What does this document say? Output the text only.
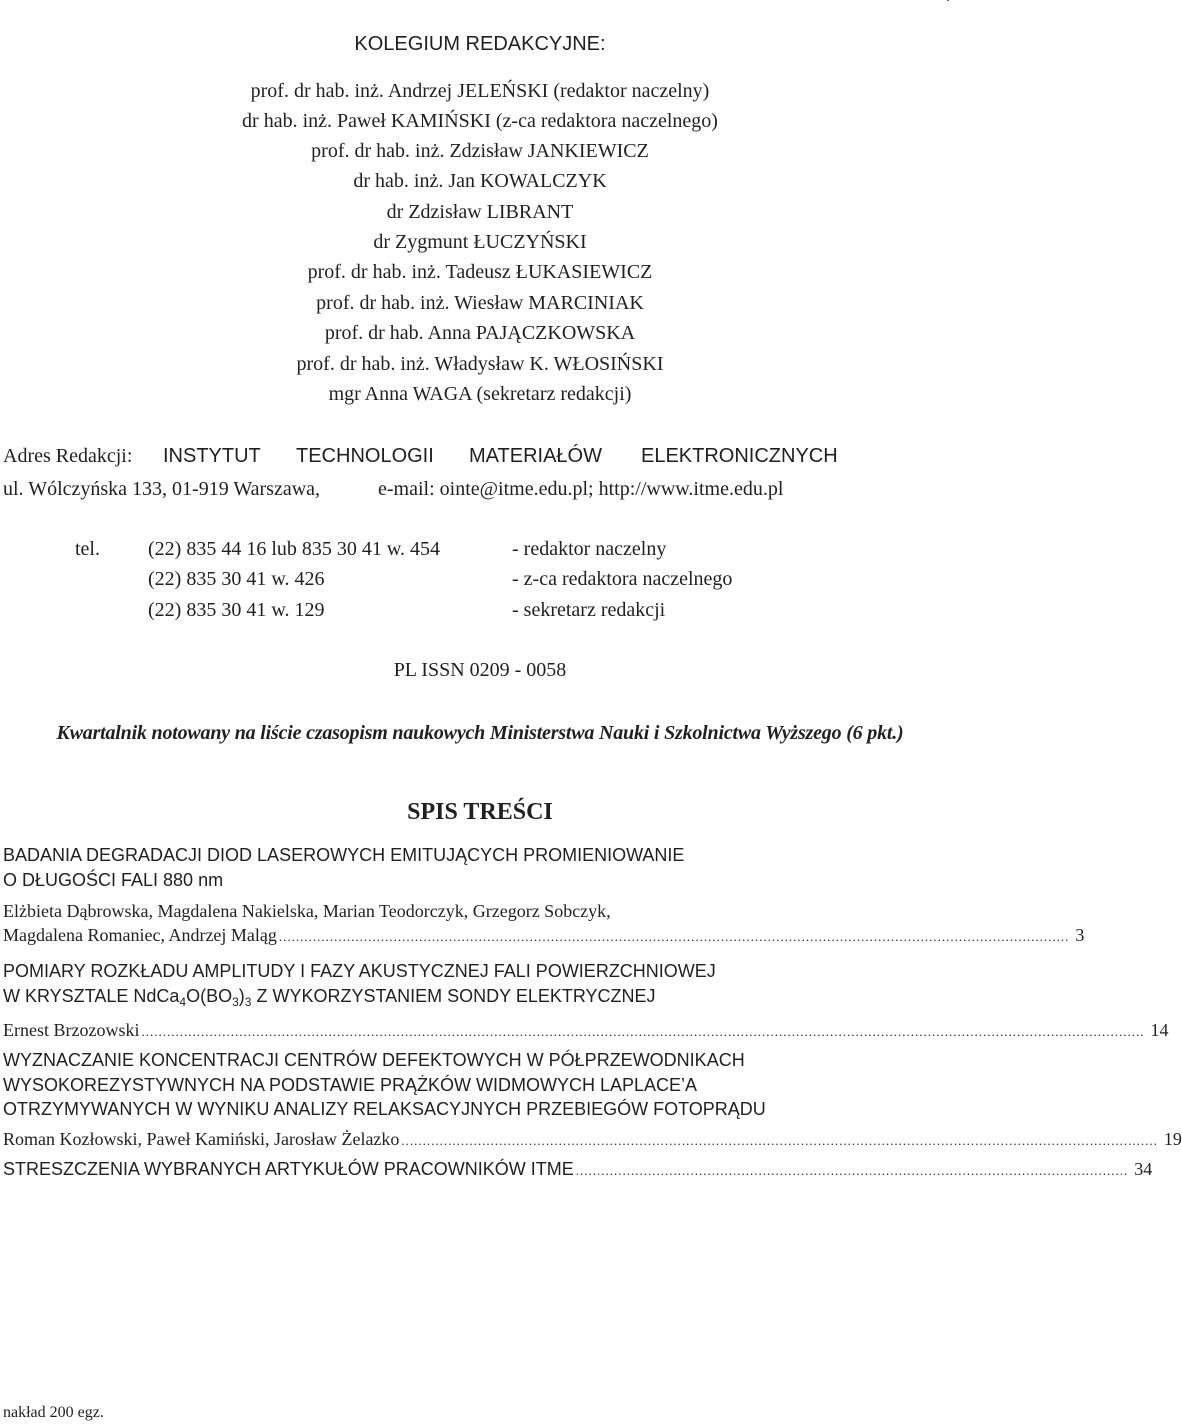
KOLEGIUM REDAKCYJNE:
prof. dr hab. inż. Andrzej JELEŃSKI (redaktor naczelny)
dr hab. inż. Paweł KAMIŃSKI (z-ca redaktora naczelnego)
prof. dr hab. inż. Zdzisław JANKIEWICZ
dr hab. inż. Jan KOWALCZYK
dr Zdzisław LIBRANT
dr Zygmunt ŁUCZYŃSKI
prof. dr hab. inż. Tadeusz ŁUKASIEWICZ
prof. dr hab. inż. Wiesław MARCINIAK
prof. dr hab. Anna PAJĄCZKOWSKA
prof. dr hab. inż. Władysław K. WŁOSIŃSKI
mgr Anna WAGA (sekretarz redakcji)
Adres Redakcji: INSTYTUT TECHNOLOGII MATERIAŁÓW ELEKTRONICZNYCH
ul. Wólczyńska 133, 01-919 Warszawa,	e-mail: ointe@itme.edu.pl; http://www.itme.edu.pl
tel. (22) 835 44 16 lub 835 30 41 w. 454	- redaktor naczelny
(22) 835 30 41 w. 426	- z-ca redaktora naczelnego
(22) 835 30 41 w. 129	- sekretarz redakcji
PL ISSN 0209 - 0058
Kwartalnik notowany na liście czasopism naukowych Ministerstwa Nauki i Szkolnictwa Wyższego (6 pkt.)
SPIS TREŚCI
BADANIA DEGRADACJI DIOD LASEROWYCH EMITUJĄCYCH PROMIENIOWANIE
O DŁUGOŚCI FALI 880 nm
Elżbieta Dąbrowska, Magdalena Nakielska, Marian Teodorczyk, Grzegorz Sobczyk,
Magdalena Romaniec, Andrzej Maląg .......................................................................................................................................................................................... 3
POMIARY ROZKŁADU AMPLITUDY I FAZY AKUSTYCZNEJ FALI POWIERZCHNIOWEJ
W KRYSZTALE $NdCa_4O(BO_3)_3$ Z WYKORZYSTANIEM SONDY ELEKTRYCZNEJ
Ernest Brzozowski ............................................................................................................................................................................................................................................ 14
WYZNACZANIE KONCENTRACJI CENTRÓW DEFEKTOWYCH W PÓŁPRZEWODNIKACH
WYSOKOREZYSTYWNYCH NA PODSTAWIE PRĄŻKÓW WIDMOWYCH LAPLACE’A
OTRZYMYWANYCH W WYNIKU ANALIZY RELAKSACYJNYCH PRZEBIEGÓW FOTOPRĄDU
Roman Kozłowski, Paweł Kamiński, Jarosław Żelazko .................................................................................................................................................................................. 19
STRESZCZENIA WYBRANYCH ARTYKUŁÓW PRACOWNIKÓW ITME .................................................................................................................................. 34
nakład 200 egz.
